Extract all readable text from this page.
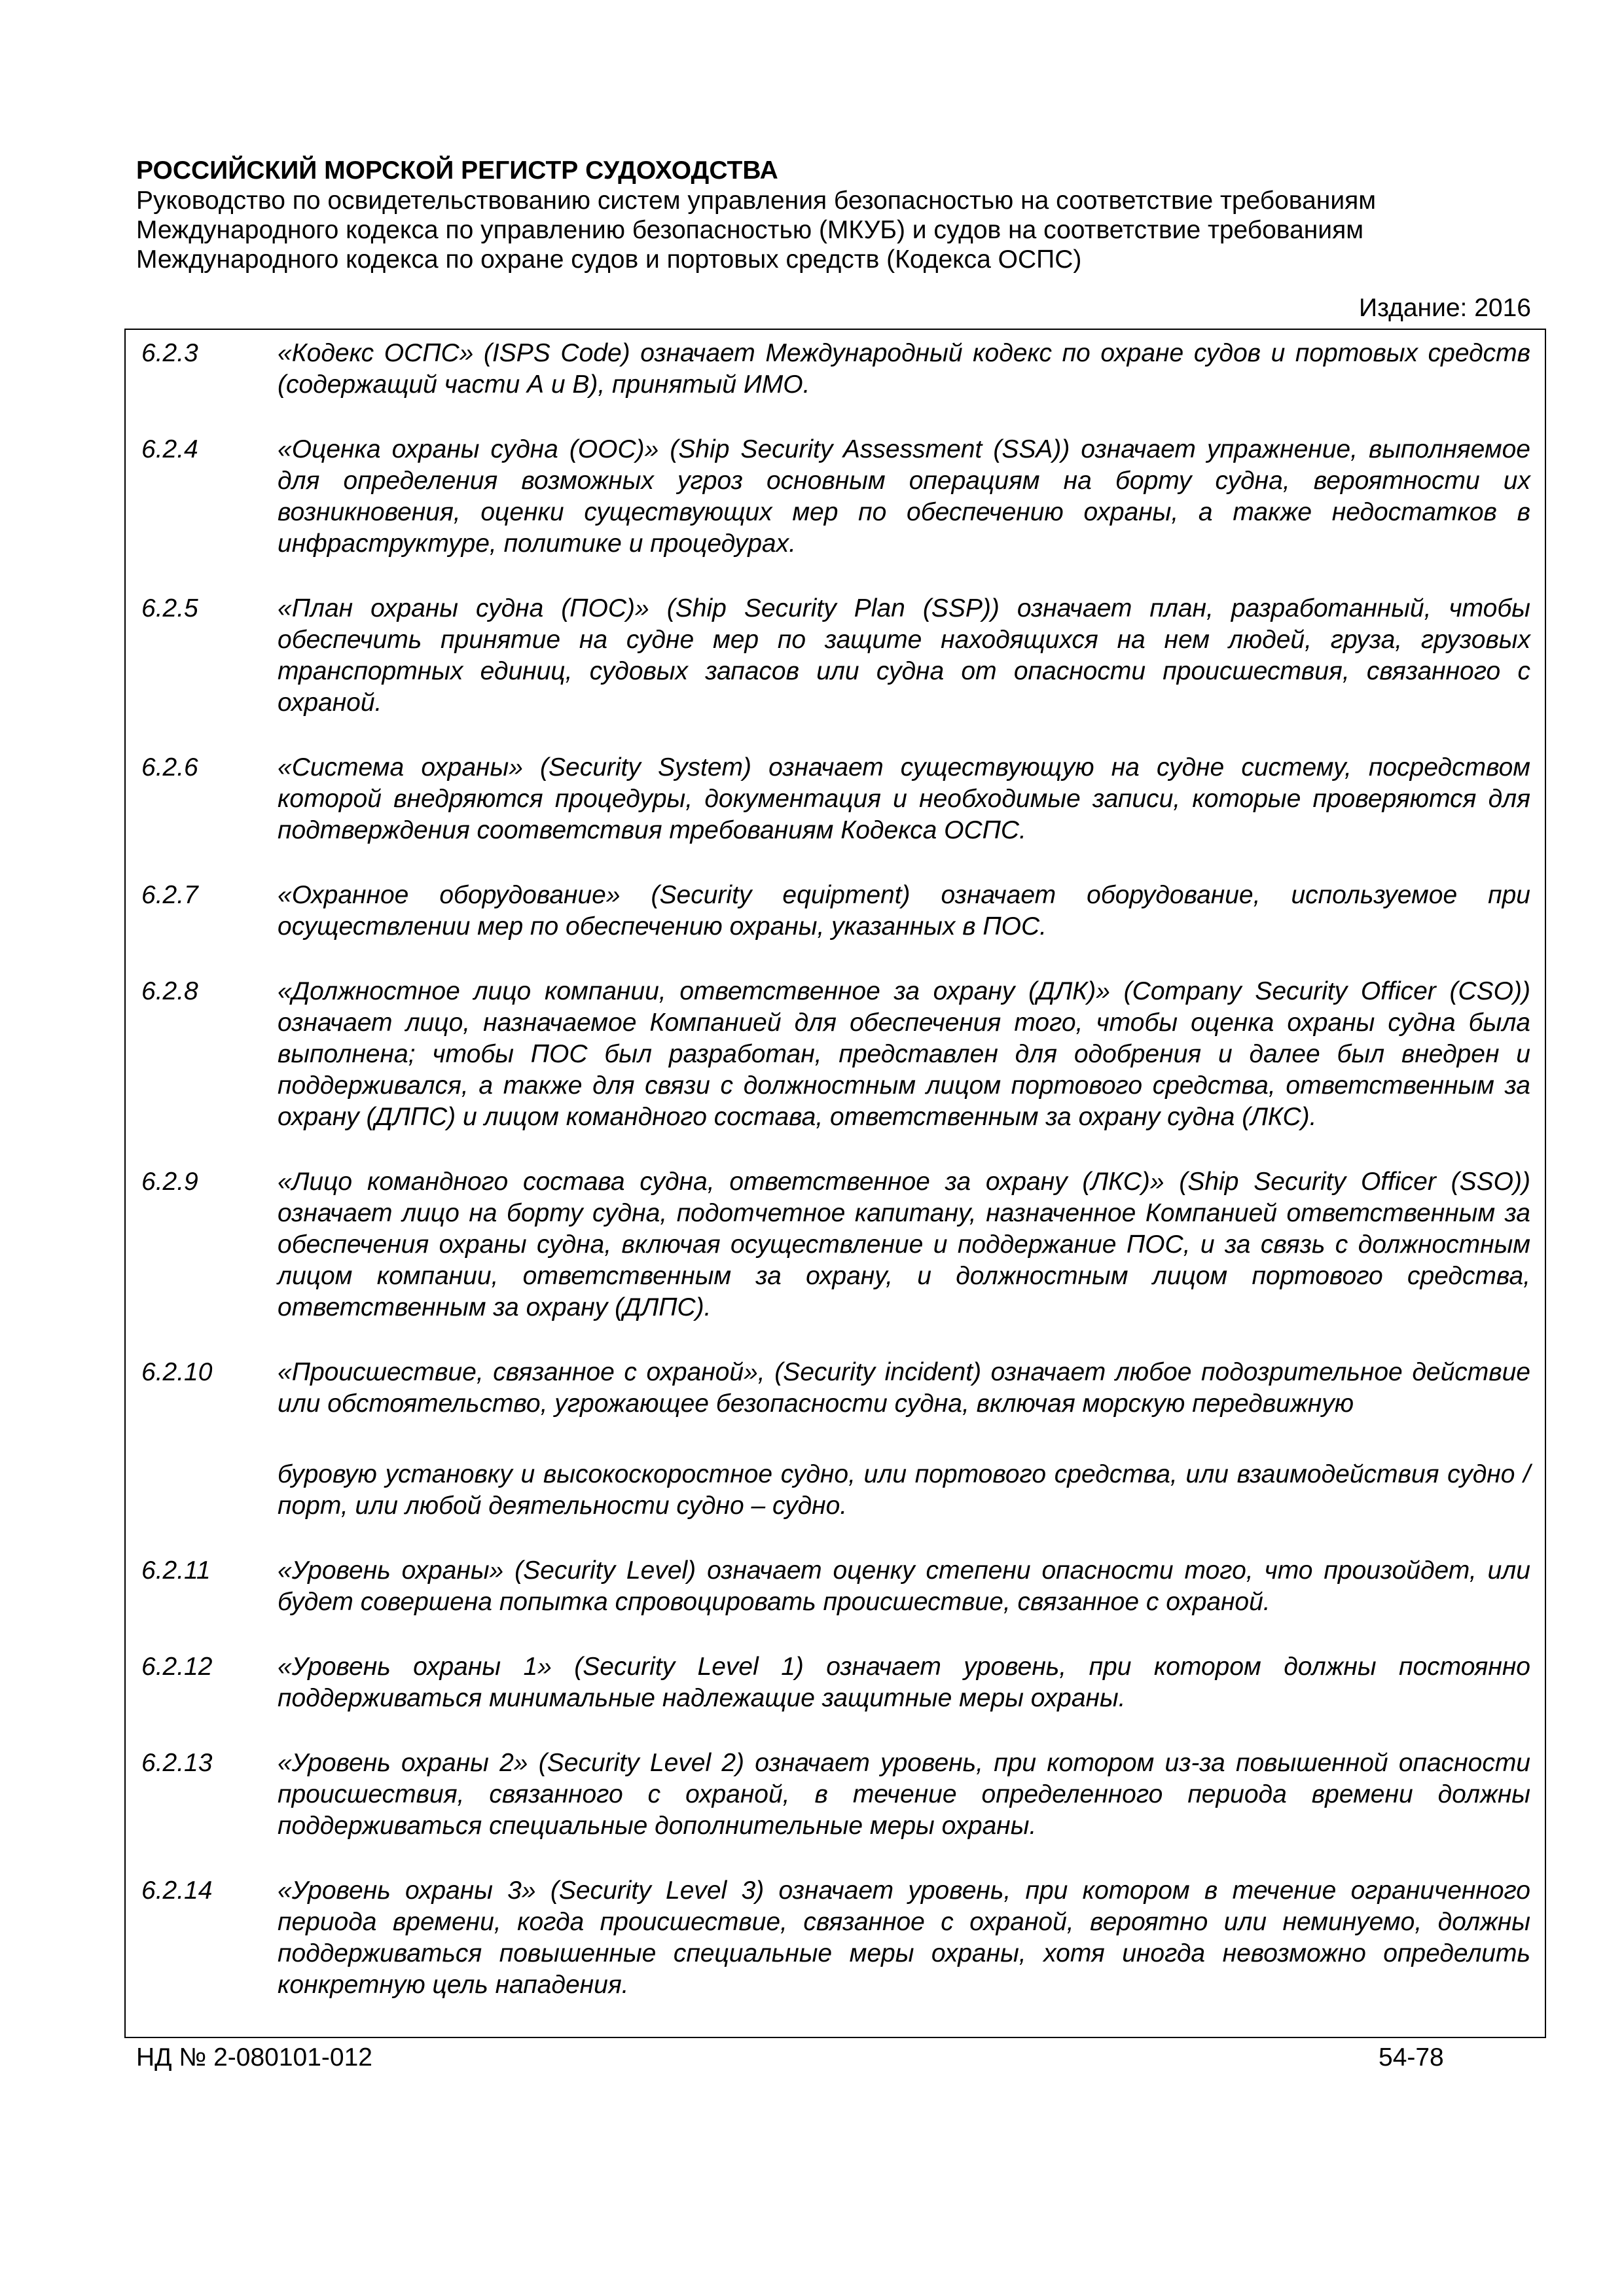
РОССИЙСКИЙ МОРСКОЙ РЕГИСТР СУДОХОДСТВА

Руководство по освидетельствованию систем управления безопасностью на соответствие требованиям

Международного кодекса по управлению безопасностью (МКУБ) и судов на соответствие требованиям

Международного кодекса по охране судов и портовых средств (Кодекса ОСПС)

Издание: 2016
6.2.3	«Кодекс ОСПС» (ISPS Code) означает Международный кодекс по охране судов и портовых средств (содержащий части А и В), принятый ИМО.
6.2.4	«Оценка охраны судна (ООС)» (Ship Security Assessment (SSA)) означает упражнение, выполняемое для определения возможных угроз основным операциям на борту судна, вероятности их возникновения, оценки существующих мер по обеспечению охраны, а также недостатков в инфраструктуре, политике и процедурах.
6.2.5	«План охраны судна (ПОС)» (Ship Security Plan (SSP)) означает план, разработанный, чтобы обеспечить принятие на судне мер по защите находящихся на нем людей, груза, грузовых транспортных единиц, судовых запасов или судна от опасности происшествия, связанного с охраной.
6.2.6	«Система охраны» (Security System) означает существующую на судне систему, посредством которой внедряются процедуры, документация и необходимые записи, которые проверяются для подтверждения соответствия требованиям Кодекса ОСПС.
6.2.7	«Охранное оборудование» (Security equipment) означает оборудование, используемое при осуществлении мер по обеспечению охраны, указанных в ПОС.
6.2.8	«Должностное лицо компании, ответственное за охрану (ДЛК)» (Company Security Officer (CSO)) означает лицо, назначаемое Компанией для обеспечения того, чтобы оценка охраны судна была выполнена; чтобы ПОС был разработан, представлен для одобрения и далее был внедрен и поддерживался, а также для связи с должностным лицом портового средства, ответственным за охрану (ДЛПС) и лицом командного состава, ответственным за охрану судна (ЛКС).
6.2.9	«Лицо командного состава судна, ответственное за охрану (ЛКС)» (Ship Security Officer (SSO)) означает лицо на борту судна, подотчетное капитану, назначенное Компанией ответственным за обеспечения охраны судна, включая осуществление и поддержание ПОС, и за связь с должностным лицом компании, ответственным за охрану, и должностным лицом портового средства, ответственным за охрану (ДЛПС).
6.2.10	«Происшествие, связанное с охраной», (Security incident) означает любое подозрительное действие или обстоятельство, угрожающее безопасности судна, включая морскую передвижную
буровую установку и высокоскоростное судно, или портового средства, или взаимодействия судно / порт, или любой деятельности судно – судно.
6.2.11	«Уровень охраны» (Security Level) означает оценку степени опасности того, что произойдет, или будет совершена попытка спровоцировать происшествие, связанное с охраной.
6.2.12	«Уровень охраны 1» (Security Level 1) означает уровень, при котором должны постоянно поддерживаться минимальные надлежащие защитные меры охраны.
6.2.13	«Уровень охраны 2» (Security Level 2) означает уровень, при котором из-за повышенной опасности происшествия, связанного с охраной, в течение определенного периода времени должны поддерживаться специальные дополнительные меры охраны.
6.2.14	«Уровень охраны 3» (Security Level 3) означает уровень, при котором в течение ограниченного периода времени, когда происшествие, связанное с охраной, вероятно или неминуемо, должны поддерживаться повышенные специальные меры охраны, хотя иногда невозможно определить конкретную цель нападения.
НД № 2-080101-012	54-78
